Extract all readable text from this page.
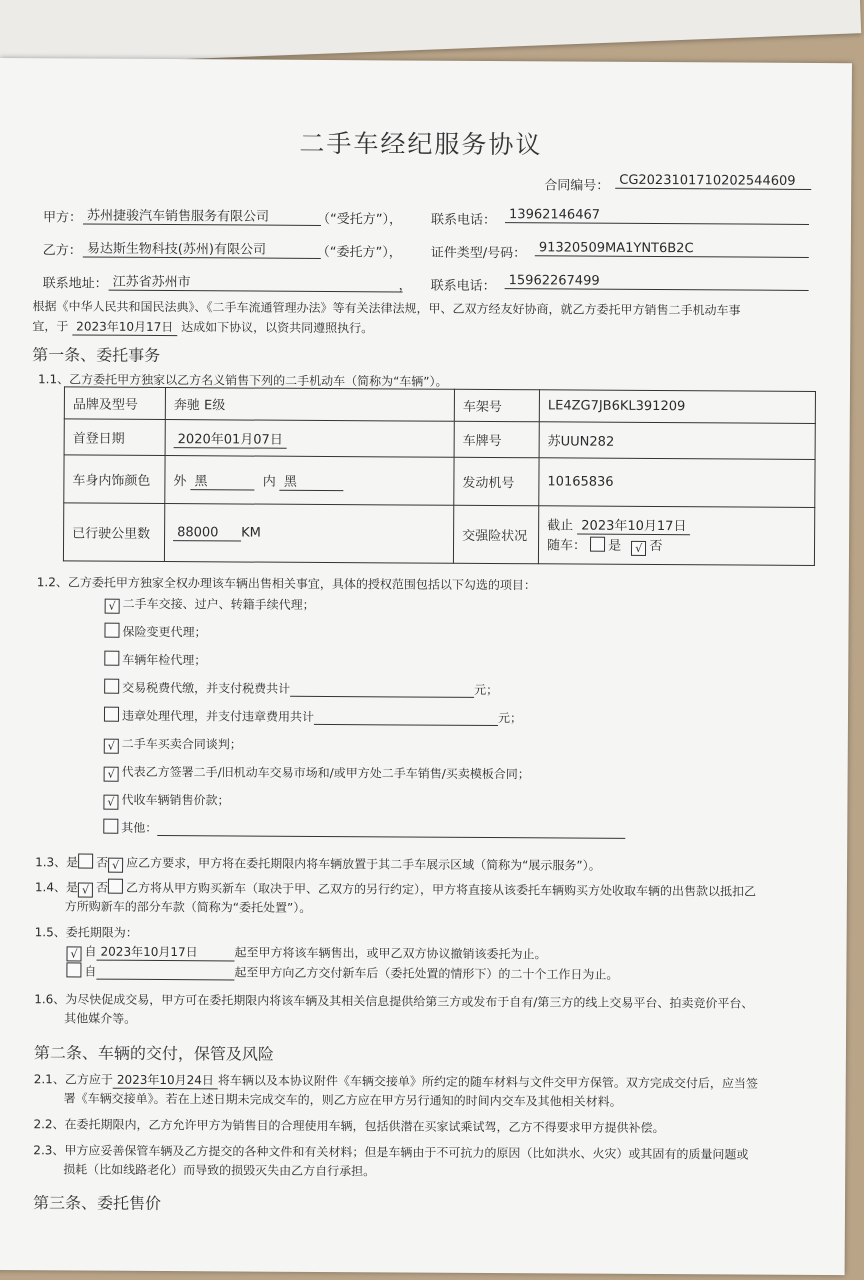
二手车经纪服务协议
合同编号： CG2023101710202544609
甲方： 苏州捷骏汽车销售服务有限公司	（“受托方”）， 联系电话： 13962146467
乙方： 易达斯生物科技(苏州)有限公司	（“委托方”）， 证件类型/号码： 91320509MA1YNT6B2C
联系地址： 江苏省苏州市	， 联系电话： 15962267499
根据《中华人民共和国民法典》、《二手车流通管理办法》等有关法律法规，甲、乙双方经友好协商，就乙方委托甲方销售二手机动车事
宜，于 2023年10月17日 达成如下协议，以资共同遵照执行。
第一条、委托事务
1.1、乙方委托甲方独家以乙方名义销售下列的二手机动车（简称为“车辆”）。
品牌及型号	奔驰 E级	车架号	LE4ZG7JB6KL391209
首登日期	2020年01月07日	车牌号	苏UUN282
车身内饰颜色	外 黑 内 黑	发动机号	10165836
已行驶公里数	88000 KM	交强险状况	截止 2023年10月17日
随车： 是 √ 否
1.2、乙方委托甲方独家全权办理该车辆出售相关事宜，具体的授权范围包括以下勾选的项目：
√ 二手车交接、过户、转籍手续代理；
保险变更代理；
车辆年检代理；
交易税费代缴，并支付税费共计	元；
违章处理代理，并支付违章费用共计	元；
√ 二手车买卖合同谈判；
√ 代表乙方签署二手/旧机动车交易市场和/或甲方处二手车销售/买卖模板合同；
√ 代收车辆销售价款；
其他：
1.3、是 否 √ 应乙方要求，甲方将在委托期限内将车辆放置于其二手车展示区域（简称为“展示服务”）。
1.4、是 √ 否 乙方将从甲方购买新车（取决于甲、乙双方的另行约定），甲方将直接从该委托车辆购买方处收取车辆的出售款以抵扣乙
方所购新车的部分车款（简称为“委托处置”）。
1.5、委托期限为：
√ 自 2023年10月17日	起至甲方将该车辆售出，或甲乙双方协议撤销该委托为止。
自	起至甲方向乙方交付新车后（委托处置的情形下）的二十个工作日为止。
1.6、为尽快促成交易，甲方可在委托期限内将该车辆及其相关信息提供给第三方或发布于自有/第三方的线上交易平台、拍卖竞价平台、
其他媒介等。
第二条、车辆的交付，保管及风险
2.1、乙方应于 2023年10月24日 将车辆以及本协议附件《车辆交接单》所约定的随车材料与文件交甲方保管。双方完成交付后，应当签
署《车辆交接单》。若在上述日期未完成交车的，则乙方应在甲方另行通知的时间内交车及其他相关材料。
2.2、在委托期限内，乙方允许甲方为销售目的合理使用车辆，包括供潜在买家试乘试驾，乙方不得要求甲方提供补偿。
2.3、甲方应妥善保管车辆及乙方提交的各种文件和有关材料；但是车辆由于不可抗力的原因（比如洪水、火灾）或其固有的质量问题或
损耗（比如线路老化）而导致的损毁灭失由乙方自行承担。
第三条、委托售价
